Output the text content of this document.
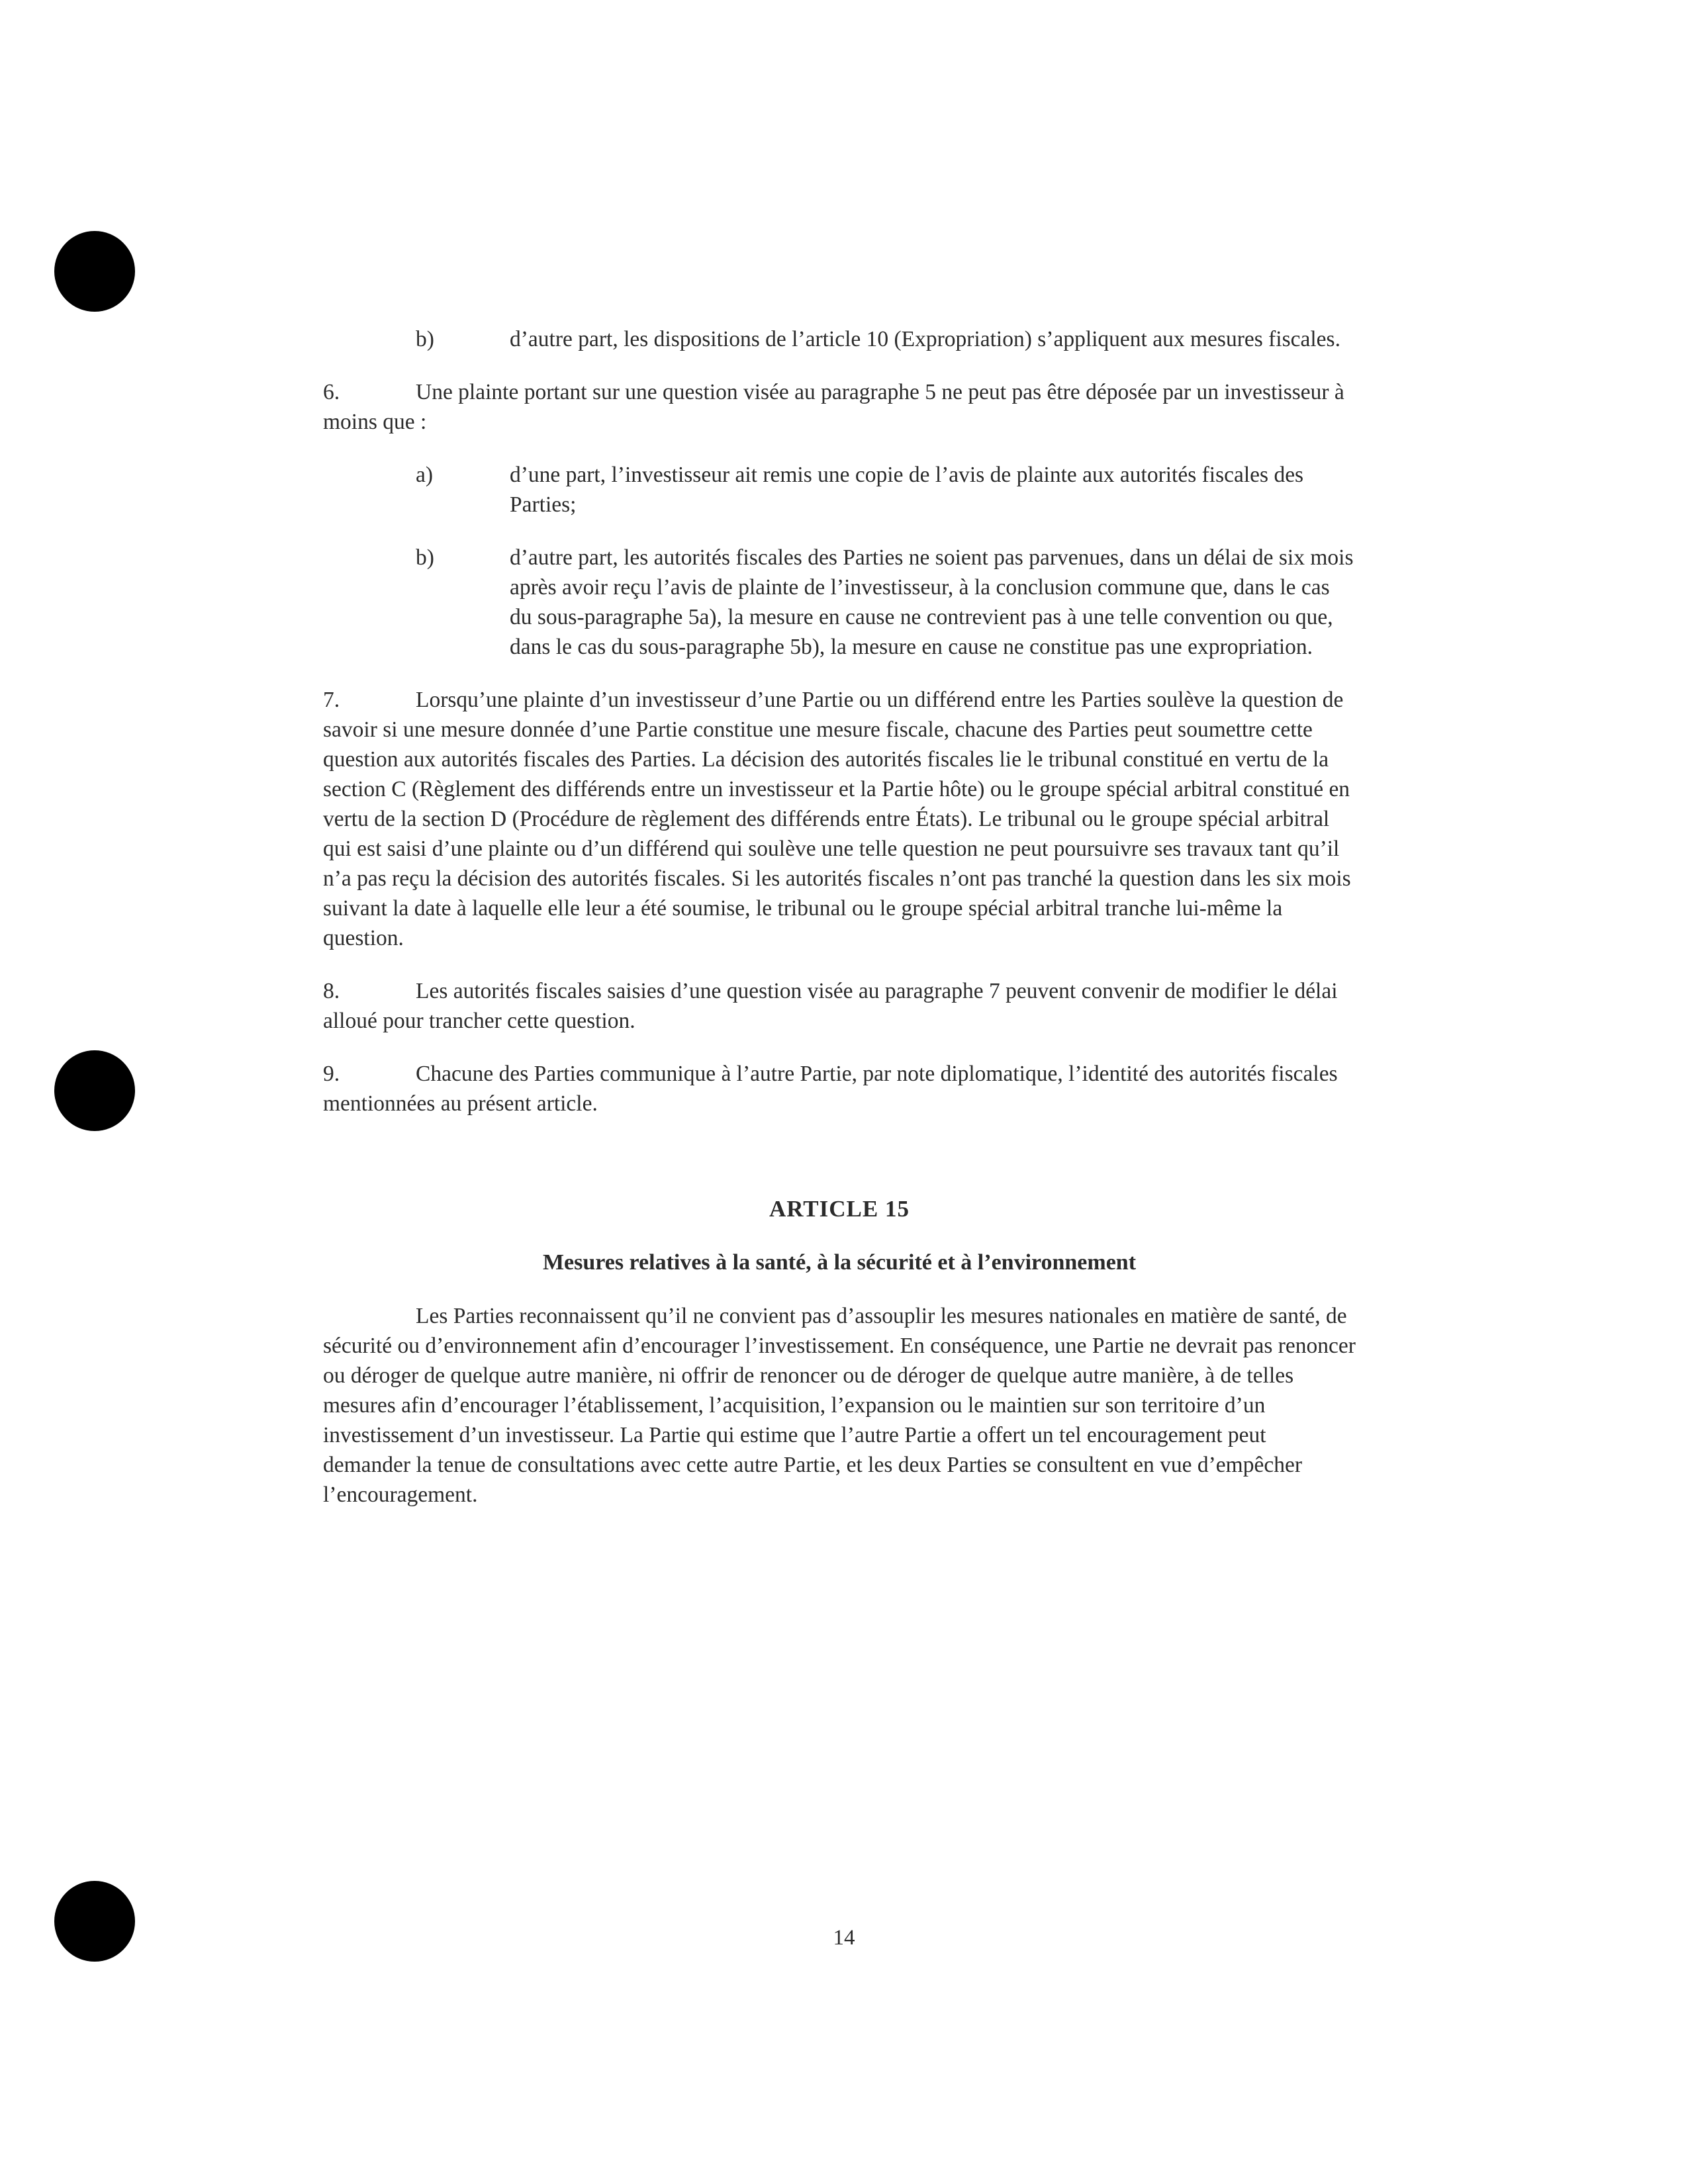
b)	d’autre part, les dispositions de l’article 10 (Expropriation) s’appliquent aux mesures fiscales.
6.	Une plainte portant sur une question visée au paragraphe 5 ne peut pas être déposée par un investisseur à moins que :
a)	d’une part, l’investisseur ait remis une copie de l’avis de plainte aux autorités fiscales des Parties;
b)	d’autre part, les autorités fiscales des Parties ne soient pas parvenues, dans un délai de six mois après avoir reçu l’avis de plainte de l’investisseur, à la conclusion commune que, dans le cas du sous-paragraphe 5a), la mesure en cause ne contrevient pas à une telle convention ou que, dans le cas du sous-paragraphe 5b), la mesure en cause ne constitue pas une expropriation.
7.	Lorsqu’une plainte d’un investisseur d’une Partie ou un différend entre les Parties soulève la question de savoir si une mesure donnée d’une Partie constitue une mesure fiscale, chacune des Parties peut soumettre cette question aux autorités fiscales des Parties. La décision des autorités fiscales lie le tribunal constitué en vertu de la section C (Règlement des différends entre un investisseur et la Partie hôte) ou le groupe spécial arbitral constitué en vertu de la section D (Procédure de règlement des différends entre États). Le tribunal ou le groupe spécial arbitral qui est saisi d’une plainte ou d’un différend qui soulève une telle question ne peut poursuivre ses travaux tant qu’il n’a pas reçu la décision des autorités fiscales. Si les autorités fiscales n’ont pas tranché la question dans les six mois suivant la date à laquelle elle leur a été soumise, le tribunal ou le groupe spécial arbitral tranche lui-même la question.
8.	Les autorités fiscales saisies d’une question visée au paragraphe 7 peuvent convenir de modifier le délai alloué pour trancher cette question.
9.	Chacune des Parties communique à l’autre Partie, par note diplomatique, l’identité des autorités fiscales mentionnées au présent article.
ARTICLE 15
Mesures relatives à la santé, à la sécurité et à l’environnement
Les Parties reconnaissent qu’il ne convient pas d’assouplir les mesures nationales en matière de santé, de sécurité ou d’environnement afin d’encourager l’investissement. En conséquence, une Partie ne devrait pas renoncer ou déroger de quelque autre manière, ni offrir de renoncer ou de déroger de quelque autre manière, à de telles mesures afin d’encourager l’établissement, l’acquisition, l’expansion ou le maintien sur son territoire d’un investissement d’un investisseur. La Partie qui estime que l’autre Partie a offert un tel encouragement peut demander la tenue de consultations avec cette autre Partie, et les deux Parties se consultent en vue d’empêcher l’encouragement.
14
